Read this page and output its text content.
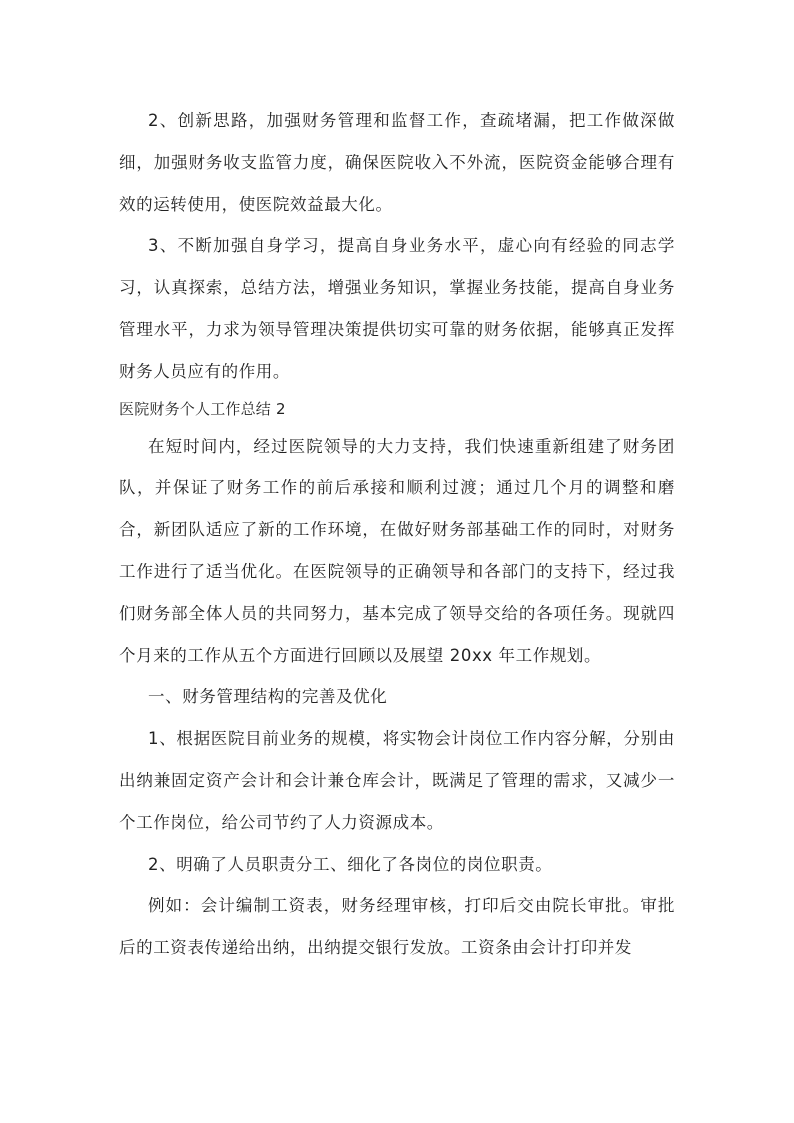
2、创新思路，加强财务管理和监督工作，查疏堵漏，把工作做深做细，加强财务收支监管力度，确保医院收入不外流，医院资金能够合理有效的运转使用，使医院效益最大化。

3、不断加强自身学习，提高自身业务水平，虚心向有经验的同志学习，认真探索，总结方法，增强业务知识，掌握业务技能，提高自身业务管理水平，力求为领导管理决策提供切实可靠的财务依据，能够真正发挥财务人员应有的作用。

医院财务个人工作总结 2

在短时间内，经过医院领导的大力支持，我们快速重新组建了财务团队，并保证了财务工作的前后承接和顺利过渡；通过几个月的调整和磨合，新团队适应了新的工作环境，在做好财务部基础工作的同时，对财务工作进行了适当优化。在医院领导的正确领导和各部门的支持下，经过我们财务部全体人员的共同努力，基本完成了领导交给的各项任务。现就四个月来的工作从五个方面进行回顾以及展望 20xx 年工作规划。

一、财务管理结构的完善及优化

1、根据医院目前业务的规模，将实物会计岗位工作内容分解，分别由出纳兼固定资产会计和会计兼仓库会计，既满足了管理的需求，又减少一个工作岗位，给公司节约了人力资源成本。

2、明确了人员职责分工、细化了各岗位的岗位职责。

例如：会计编制工资表，财务经理审核，打印后交由院长审批。审批后的工资表传递给出纳，出纳提交银行发放。工资条由会计打印并发
